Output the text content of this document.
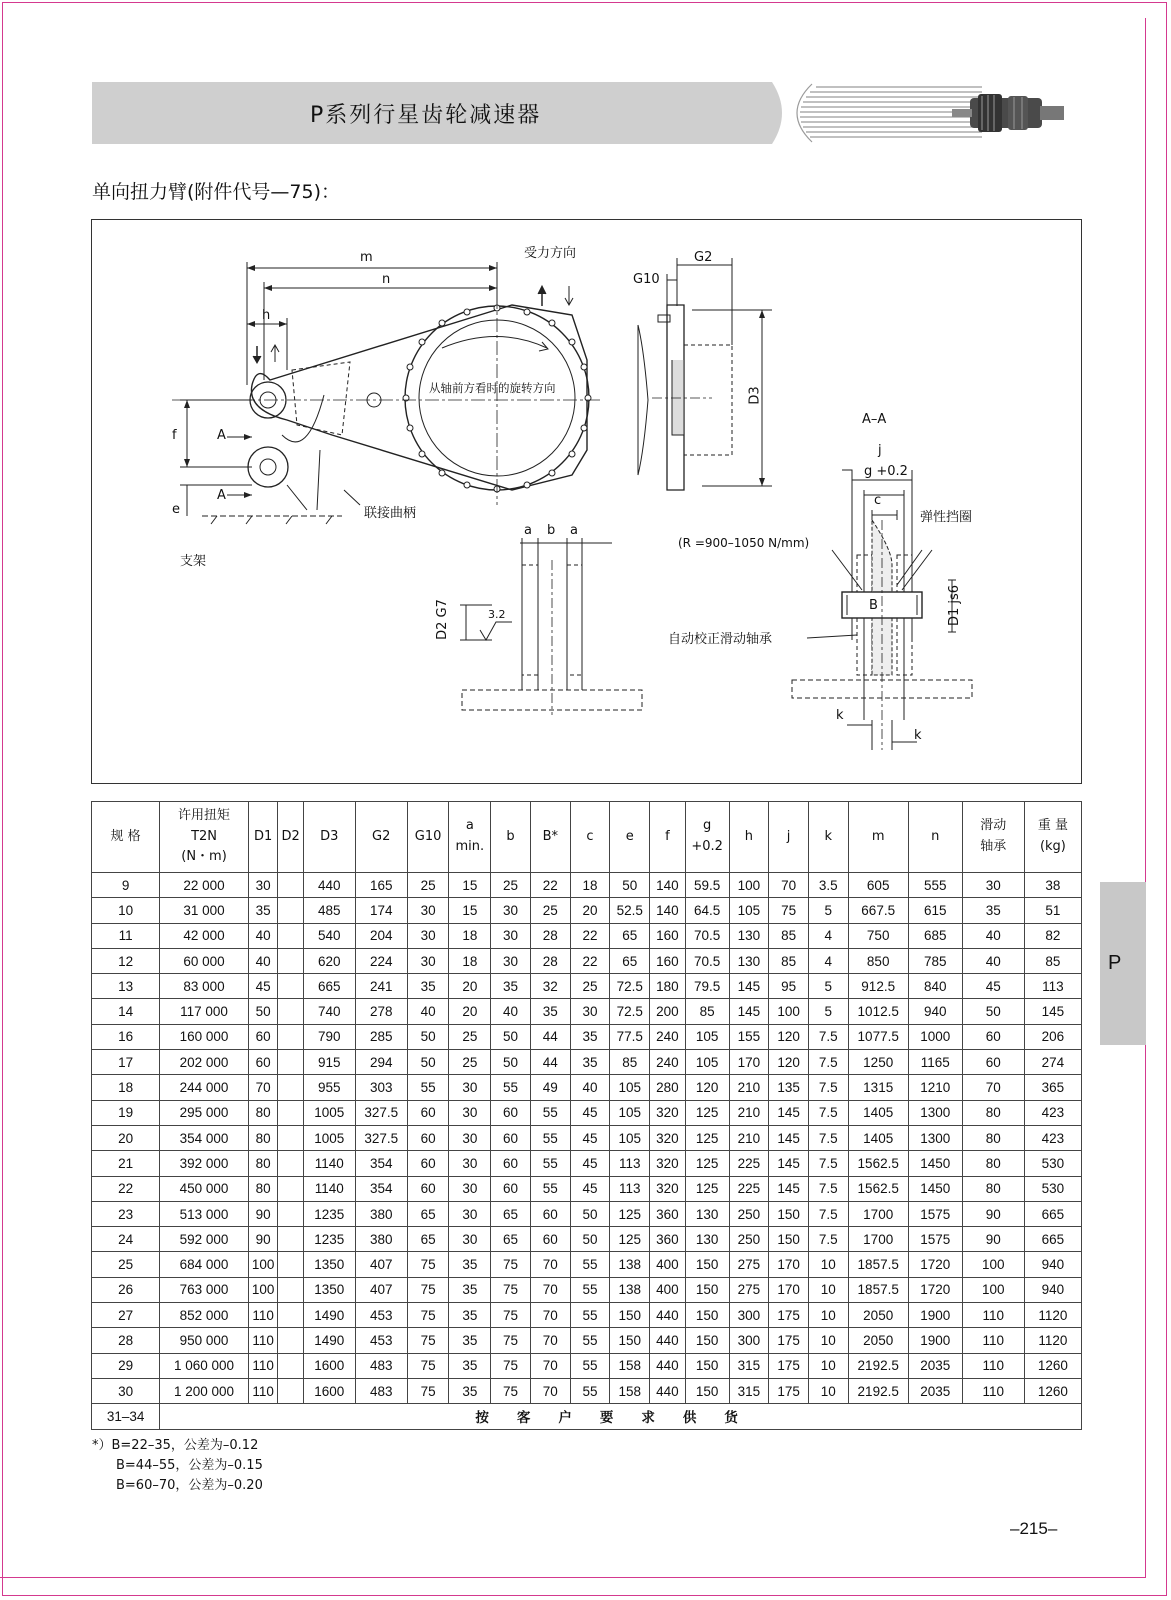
P系列行星齿轮减速器
单向扭力臂(附件代号—75)：
m
n
h
f
e
A
A
受力方向
从轴前方看时的旋转方向
联接曲柄
支架
G10
G2
D3
a b a
D2 G7	3.2
A–A
j
g +0.2
c
弹性挡圈
(R =900–1050 N/mm)
B	D1 js6
自动校正滑动轴承
k
k
规 格	许用扭矩
T2N
(N・m)	D1	D2	D3	G2	G10	a
min.	b	B*	c	e	f	g
+0.2	h	j	k	m	n	滑动
轴承	重 量
(kg)
9	22 000	30		440	165	25	15	25	22	18	50	140	59.5	100	70	3.5	605	555	30	38
10	31 000	35		485	174	30	15	30	25	20	52.5	140	64.5	105	75	5	667.5	615	35	51
11	42 000	40		540	204	30	18	30	28	22	65	160	70.5	130	85	4	750	685	40	82
12	60 000	40		620	224	30	18	30	28	22	65	160	70.5	130	85	4	850	785	40	85
13	83 000	45		665	241	35	20	35	32	25	72.5	180	79.5	145	95	5	912.5	840	45	113
14	117 000	50		740	278	40	20	40	35	30	72.5	200	85	145	100	5	1012.5	940	50	145
16	160 000	60		790	285	50	25	50	44	35	77.5	240	105	155	120	7.5	1077.5	1000	60	206
17	202 000	60		915	294	50	25	50	44	35	85	240	105	170	120	7.5	1250	1165	60	274
18	244 000	70		955	303	55	30	55	49	40	105	280	120	210	135	7.5	1315	1210	70	365
19	295 000	80		1005	327.5	60	30	60	55	45	105	320	125	210	145	7.5	1405	1300	80	423
20	354 000	80		1005	327.5	60	30	60	55	45	105	320	125	210	145	7.5	1405	1300	80	423
21	392 000	80		1140	354	60	30	60	55	45	113	320	125	225	145	7.5	1562.5	1450	80	530
22	450 000	80		1140	354	60	30	60	55	45	113	320	125	225	145	7.5	1562.5	1450	80	530
23	513 000	90		1235	380	65	30	65	60	50	125	360	130	250	150	7.5	1700	1575	90	665
24	592 000	90		1235	380	65	30	65	60	50	125	360	130	250	150	7.5	1700	1575	90	665
25	684 000	100		1350	407	75	35	75	70	55	138	400	150	275	170	10	1857.5	1720	100	940
26	763 000	100		1350	407	75	35	75	70	55	138	400	150	275	170	10	1857.5	1720	100	940
27	852 000	110		1490	453	75	35	75	70	55	150	440	150	300	175	10	2050	1900	110	1120
28	950 000	110		1490	453	75	35	75	70	55	150	440	150	300	175	10	2050	1900	110	1120
29	1 060 000	110		1600	483	75	35	75	70	55	158	440	150	315	175	10	2192.5	2035	110	1260
30	1 200 000	110		1600	483	75	35	75	70	55	158	440	150	315	175	10	2192.5	2035	110	1260
31–34	按客户要求供货																			
P
*）B=22–35，公差为–0.12
B=44–55，公差为–0.15
B=60–70，公差为–0.20
–215–
